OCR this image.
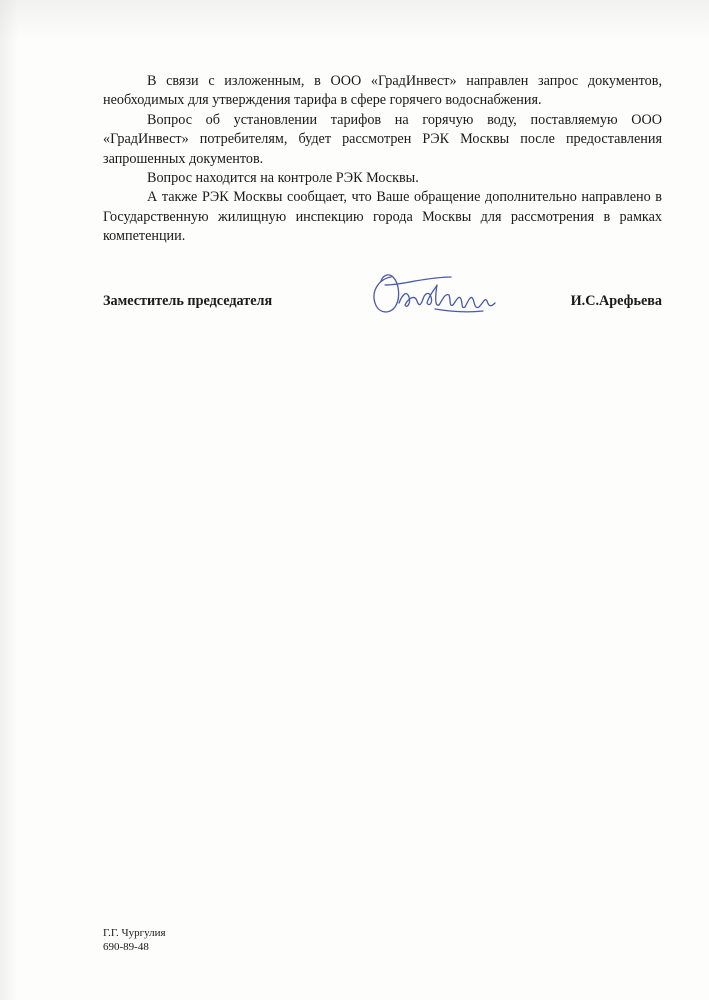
В связи с изложенным, в ООО «ГрадИнвест» направлен запрос документов, необходимых для утверждения тарифа в сфере горячего водоснабжения.

Вопрос об установлении тарифов на горячую воду, поставляемую ООО «ГрадИнвест» потребителям, будет рассмотрен РЭК Москвы после предоставления запрошенных документов.

Вопрос находится на контроле РЭК Москвы.

А также РЭК Москвы сообщает, что Ваше обращение дополнительно направлено в Государственную жилищную инспекцию города Москвы для рассмотрения в рамках компетенции.

Заместитель председателя	И.С.Арефьева
Г.Г. Чургулия
690-89-48
